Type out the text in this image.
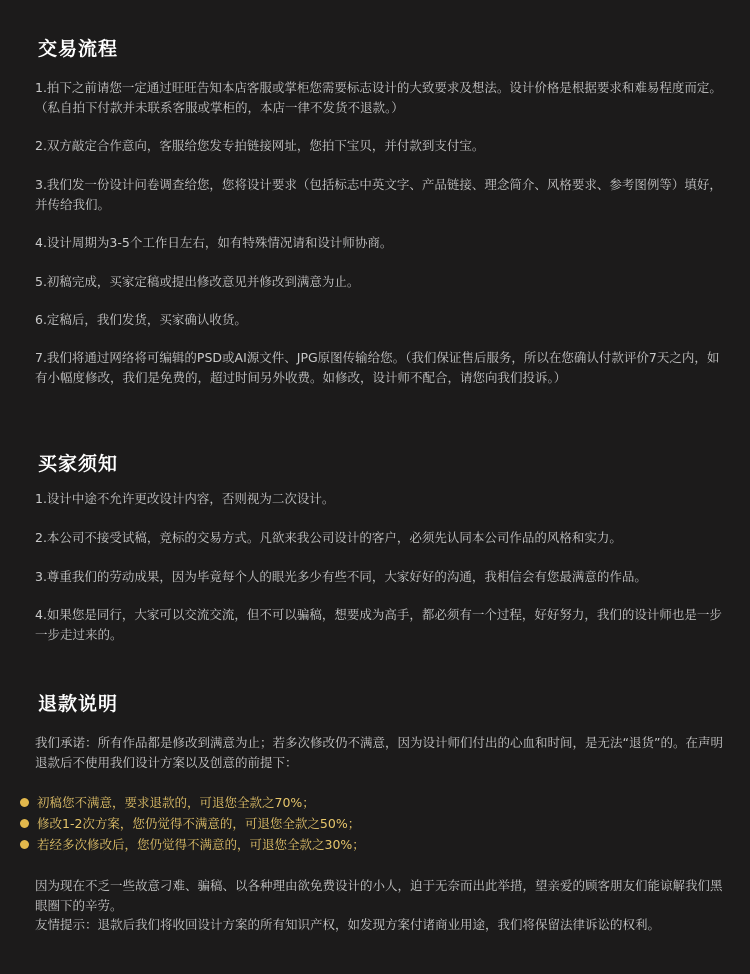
交易流程

1.拍下之前请您一定通过旺旺告知本店客服或掌柜您需要标志设计的大致要求及想法。设计价格是根据要求和难易程度而定。（私自拍下付款并未联系客服或掌柜的，本店一律不发货不退款。）

2.双方敲定合作意向，客服给您发专拍链接网址，您拍下宝贝，并付款到支付宝。

3.我们发一份设计问卷调查给您，您将设计要求（包括标志中英文字、产品链接、理念简介、风格要求、参考图例等）填好，并传给我们。

4.设计周期为3-5个工作日左右，如有特殊情况请和设计师协商。

5.初稿完成，买家定稿或提出修改意见并修改到满意为止。

6.定稿后，我们发货，买家确认收货。

7.我们将通过网络将可编辑的PSD或AI源文件、JPG原图传输给您。（我们保证售后服务，所以在您确认付款评价7天之内，如有小幅度修改，我们是免费的，超过时间另外收费。如修改，设计师不配合，请您向我们投诉。）

买家须知

1.设计中途不允许更改设计内容，否则视为二次设计。

2.本公司不接受试稿，竞标的交易方式。凡欲来我公司设计的客户，必须先认同本公司作品的风格和实力。

3.尊重我们的劳动成果，因为毕竟每个人的眼光多少有些不同，大家好好的沟通，我相信会有您最满意的作品。

4.如果您是同行，大家可以交流交流，但不可以骗稿，想要成为高手，都必须有一个过程，好好努力，我们的设计师也是一步一步走过来的。

退款说明

我们承诺：所有作品都是修改到满意为止；若多次修改仍不满意，因为设计师们付出的心血和时间，是无法“退货”的。在声明退款后不使用我们设计方案以及创意的前提下：

初稿您不满意，要求退款的，可退您全款之70%；
修改1-2次方案，您仍觉得不满意的，可退您全款之50%；
若经多次修改后，您仍觉得不满意的，可退您全款之30%；

因为现在不乏一些故意刁难、骗稿、以各种理由欲免费设计的小人，迫于无奈而出此举措，望亲爱的顾客朋友们能谅解我们黑眼圈下的辛劳。

友情提示：退款后我们将收回设计方案的所有知识产权，如发现方案付诸商业用途，我们将保留法律诉讼的权利。
